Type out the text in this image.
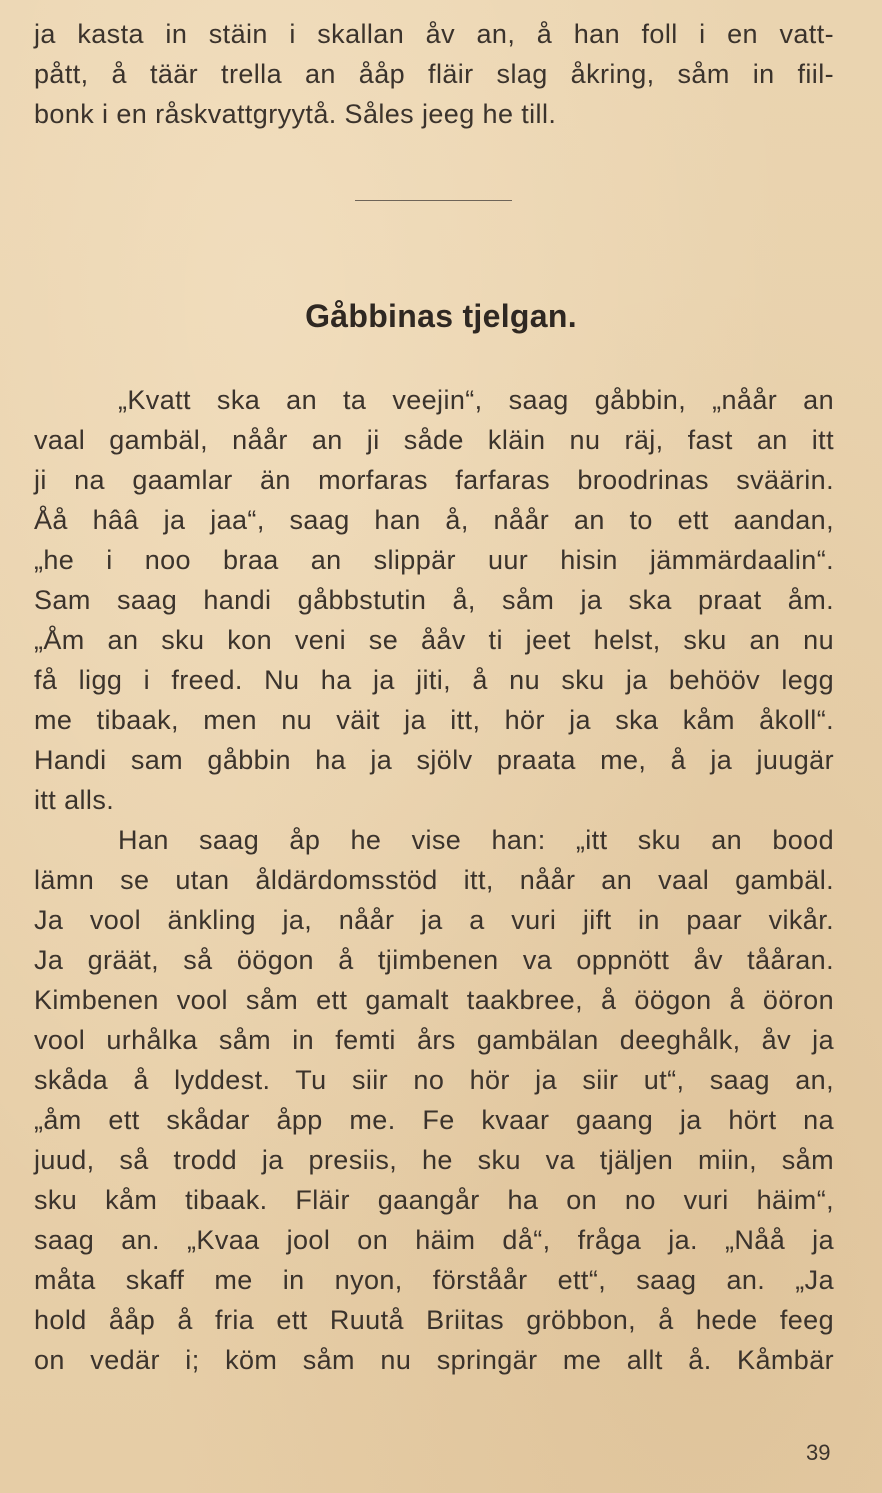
ja kasta in stäin i skallan åv an, å han foll i en vatt-
pått, å täär trella an ååp fläir slag åkring, såm in fiil-
bonk i en råskvattgryytå. Såles jeeg he till.
Gåbbinas tjelgan.
„Kvatt ska an ta veejin“, saag gåbbin, „nåår an
vaal gambäl, nåår an ji såde kläin nu räj, fast an itt
ji na gaamlar än morfaras farfaras broodrinas sväärin.
Åå hââ ja jaa“, saag han å, nåår an to ett aandan,
„he i noo braa an slippär uur hisin jämmärdaalin“.
Sam saag handi gåbbstutin å, såm ja ska praat åm.
„Åm an sku kon veni se ååv ti jeet helst, sku an nu
få ligg i freed. Nu ha ja jiti, å nu sku ja behööv legg
me tibaak, men nu väit ja itt, hör ja ska kåm åkoll“.
Handi sam gåbbin ha ja sjölv praata me, å ja juugär
itt alls.
Han saag åp he vise han: „itt sku an bood
lämn se utan åldärdomsstöd itt, nåår an vaal gambäl.
Ja vool änkling ja, nåår ja a vuri jift in paar vikår.
Ja gräät, så öögon å tjimbenen va oppnött åv tååran.
Kimbenen vool såm ett gamalt taakbree, å öögon å ööron
vool urhålka såm in femti års gambälan deeghålk, åv ja
skåda å lyddest. Tu siir no hör ja siir ut“, saag an,
„åm ett skådar åpp me. Fe kvaar gaang ja hört na
juud, så trodd ja presiis, he sku va tjäljen miin, såm
sku kåm tibaak. Fläir gaangår ha on no vuri häim“,
saag an. „Kvaa jool on häim då“, fråga ja. „Nåå ja
måta skaff me in nyon, förståår ett“, saag an. „Ja
hold ååp å fria ett Ruutå Briitas gröbbon, å hede feeg
on vedär i; köm såm nu springär me allt å. Kåmbär
39
